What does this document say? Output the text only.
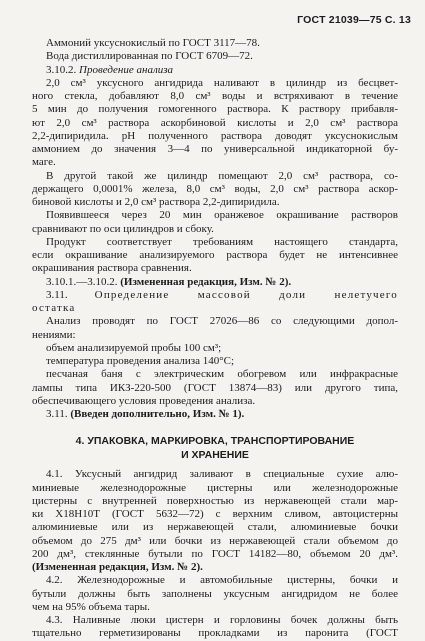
ГОСТ 21039—75 С. 13

Аммоний уксуснокислый по ГОСТ 3117—78.

Вода дистиллированная по ГОСТ 6709—72.

3.10.2. Проведение анализа

2,0 см³ уксусного ангидрида наливают в цилиндр из бесцвет-

ного стекла, добавляют 8,0 см³ воды и встряхивают в течение

5 мин до получения гомогенного раствора. К раствору прибавля-

ют 2,0 см³ раствора аскорбиновой кислоты и 2,0 см³ раствора

2,2-дипиридила. pH полученного раствора доводят уксуснокислым

аммонием до значения 3—4 по универсальной индикаторной бу-

маге.

В другой такой же цилиндр помещают 2,0 см³ раствора, со-

держащего 0,0001% железа, 8,0 см³ воды, 2,0 см³ раствора аскор-

биновой кислоты и 2,0 см³ раствора 2,2-дипиридила.

Появившееся через 20 мин оранжевое окрашивание растворов

сравнивают по оси цилиндров и сбоку.

Продукт соответствует требованиям настоящего стандарта,

если окрашивание анализируемого раствора будет не интенсивнее

окрашивания раствора сравнения.

3.10.1.—3.10.2. (Измененная редакция, Изм. № 2).

3.11. Определение массовой доли нелетучего

остатка

Анализ проводят по ГОСТ 27026—86 со следующими допол-

нениями:

объем анализируемой пробы 100 см³;

температура проведения анализа 140°С;

песчаная баня с электрическим обогревом или инфракрасные

лампы типа ИКЗ-220-500 (ГОСТ 13874—83) или другого типа,

обеспечивающего условия проведения анализа.

3.11. (Введен дополнительно, Изм. № 1).

4. УПАКОВКА, МАРКИРОВКА, ТРАНСПОРТИРОВАНИЕ
И ХРАНЕНИЕ

4.1. Уксусный ангидрид заливают в специальные сухие алю-

миниевые железнодорожные цистерны или железнодорожные

цистерны с внутренней поверхностью из нержавеющей стали мар-

ки Х18Н10Т (ГОСТ 5632—72) с верхним сливом, автоцистерны

алюминиевые или из нержавеющей стали, алюминиевые бочки

объемом до 275 дм³ или бочки из нержавеющей стали объемом до

200 дм³, стеклянные бутыли по ГОСТ 14182—80, объемом 20 дм³.

(Измененная редакция, Изм. № 2).

4.2. Железнодорожные и автомобильные цистерны, бочки и

бутыли должны быть заполнены уксусным ангидридом не более

чем на 95% объема тары.

4.3. Наливные люки цистерн и горловины бочек должны быть

тщательно герметизированы прокладками из паронита (ГОСТ
